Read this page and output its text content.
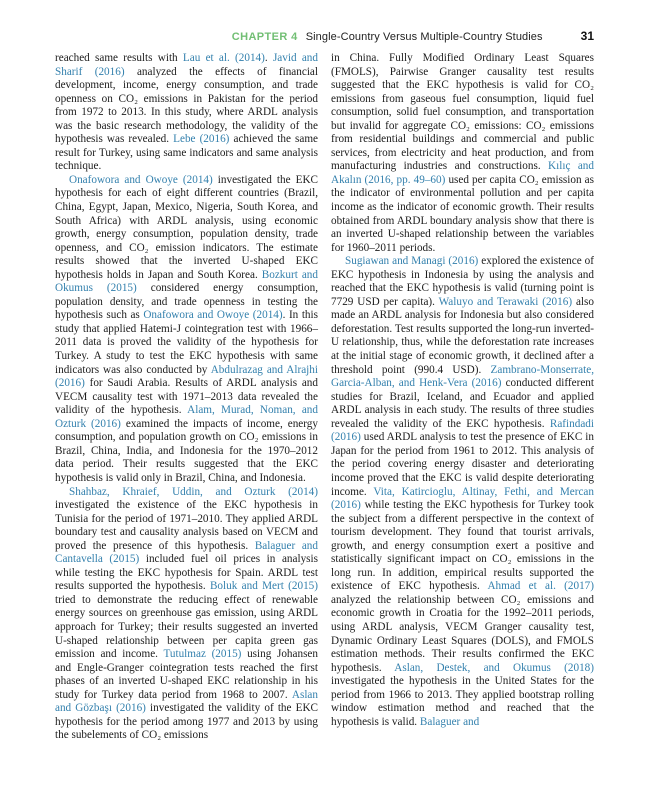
CHAPTER 4 Single-Country Versus Multiple-Country Studies	31

reached same results with Lau et al. (2014). Javid and Sharif (2016) analyzed the effects of financial development, income, energy consumption, and trade openness on CO₂ emissions in Pakistan for the period from 1972 to 2013. In this study, where ARDL analysis was the basic research methodology, the validity of the hypothesis was revealed. Lebe (2016) achieved the same result for Turkey, using same indicators and same analysis technique.

Onafowora and Owoye (2014) investigated the EKC hypothesis for each of eight different countries (Brazil, China, Egypt, Japan, Mexico, Nigeria, South Korea, and South Africa) with ARDL analysis, using economic growth, energy consumption, population density, trade openness, and CO₂ emission indicators. The estimate results showed that the inverted U-shaped EKC hypothesis holds in Japan and South Korea. Bozkurt and Okumus (2015) considered energy consumption, population density, and trade openness in testing the hypothesis such as Onafowora and Owoye (2014). In this study that applied Hatemi-J cointegration test with 1966–2011 data is proved the validity of the hypothesis for Turkey. A study to test the EKC hypothesis with same indicators was also conducted by Abdulrazag and Alrajhi (2016) for Saudi Arabia. Results of ARDL analysis and VECM causality test with 1971–2013 data revealed the validity of the hypothesis. Alam, Murad, Noman, and Ozturk (2016) examined the impacts of income, energy consumption, and population growth on CO₂ emissions in Brazil, China, India, and Indonesia for the 1970–2012 data period. Their results suggested that the EKC hypothesis is valid only in Brazil, China, and Indonesia.

Shahbaz, Khraief, Uddin, and Ozturk (2014) investigated the existence of the EKC hypothesis in Tunisia for the period of 1971–2010. They applied ARDL boundary test and causality analysis based on VECM and proved the presence of this hypothesis. Balaguer and Cantavella (2015) included fuel oil prices in analysis while testing the EKC hypothesis for Spain. ARDL test results supported the hypothesis. Boluk and Mert (2015) tried to demonstrate the reducing effect of renewable energy sources on greenhouse gas emission, using ARDL approach for Turkey; their results suggested an inverted U-shaped relationship between per capita green gas emission and income. Tutulmaz (2015) using Johansen and Engle-Granger cointegration tests reached the first phases of an inverted U-shaped EKC relationship in his study for Turkey data period from 1968 to 2007. Aslan and Gözbaşı (2016) investigated the validity of the EKC hypothesis for the period among 1977 and 2013 by using the subelements of CO₂ emissions

in China. Fully Modified Ordinary Least Squares (FMOLS), Pairwise Granger causality test results suggested that the EKC hypothesis is valid for CO₂ emissions from gaseous fuel consumption, liquid fuel consumption, solid fuel consumption, and transportation but invalid for aggregate CO₂ emissions: CO₂ emissions from residential buildings and commercial and public services, from electricity and heat production, and from manufacturing industries and constructions. Kılıç and Akalın (2016, pp. 49–60) used per capita CO₂ emission as the indicator of environmental pollution and per capita income as the indicator of economic growth. Their results obtained from ARDL boundary analysis show that there is an inverted U-shaped relationship between the variables for 1960–2011 periods.

Sugiawan and Managi (2016) explored the existence of EKC hypothesis in Indonesia by using the analysis and reached that the EKC hypothesis is valid (turning point is 7729 USD per capita). Waluyo and Terawaki (2016) also made an ARDL analysis for Indonesia but also considered deforestation. Test results supported the long-run inverted-U relationship, thus, while the deforestation rate increases at the initial stage of economic growth, it declined after a threshold point (990.4 USD). Zambrano-Monserrate, Garcia-Alban, and Henk-Vera (2016) conducted different studies for Brazil, Iceland, and Ecuador and applied ARDL analysis in each study. The results of three studies revealed the validity of the EKC hypothesis. Rafindadi (2016) used ARDL analysis to test the presence of EKC in Japan for the period from 1961 to 2012. This analysis of the period covering energy disaster and deteriorating income proved that the EKC is valid despite deteriorating income. Vita, Katircioglu, Altinay, Fethi, and Mercan (2016) while testing the EKC hypothesis for Turkey took the subject from a different perspective in the context of tourism development. They found that tourist arrivals, growth, and energy consumption exert a positive and statistically significant impact on CO₂ emissions in the long run. In addition, empirical results supported the existence of EKC hypothesis. Ahmad et al. (2017) analyzed the relationship between CO₂ emissions and economic growth in Croatia for the 1992–2011 periods, using ARDL analysis, VECM Granger causality test, Dynamic Ordinary Least Squares (DOLS), and FMOLS estimation methods. Their results confirmed the EKC hypothesis. Aslan, Destek, and Okumus (2018) investigated the hypothesis in the United States for the period from 1966 to 2013. They applied bootstrap rolling window estimation method and reached that the hypothesis is valid. Balaguer and
